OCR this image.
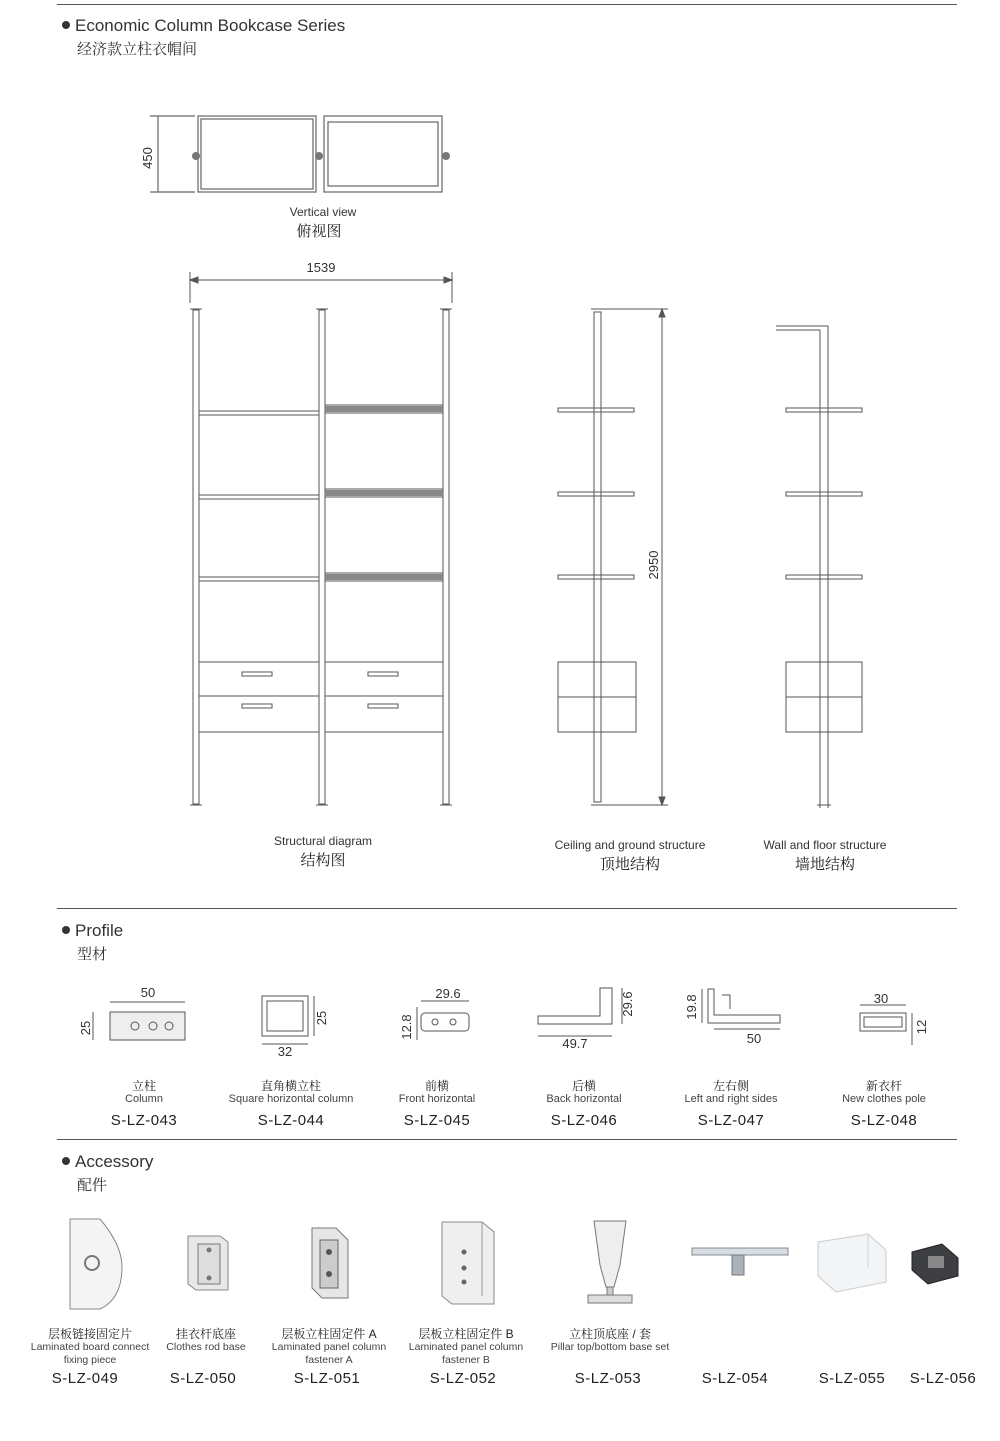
Economic Column Bookcase Series
经济款立柱衣帽间
450
Vertical view
俯视图
1539
Structural diagram
结构图
2950
Ceiling and ground structure
顶地结构
Wall and floor structure
墙地结构
Profile
型材
50
25
25
32
29.6
12.8
49.7
29.6	19.8
50
30
12
立柱
Column
S-LZ-043
直角横立柱
Square horizontal column
S-LZ-044
前横
Front horizontal
S-LZ-045
后横
Back horizontal
S-LZ-046
左右侧
Left and right sides
S-LZ-047
新衣杆
New clothes pole
S-LZ-048
Accessory
配件
层板链接固定片
Laminated board connect
fixing piece
挂衣杆底座
Clothes rod base
层板立柱固定件 A
Laminated panel column
fastener A
层板立柱固定件 B
Laminated panel column
fastener B
立柱顶底座 / 套
Pillar top/bottom base set
S-LZ-049	S-LZ-050	S-LZ-051	S-LZ-052	S-LZ-053	S-LZ-054	S-LZ-055 S-LZ-056
